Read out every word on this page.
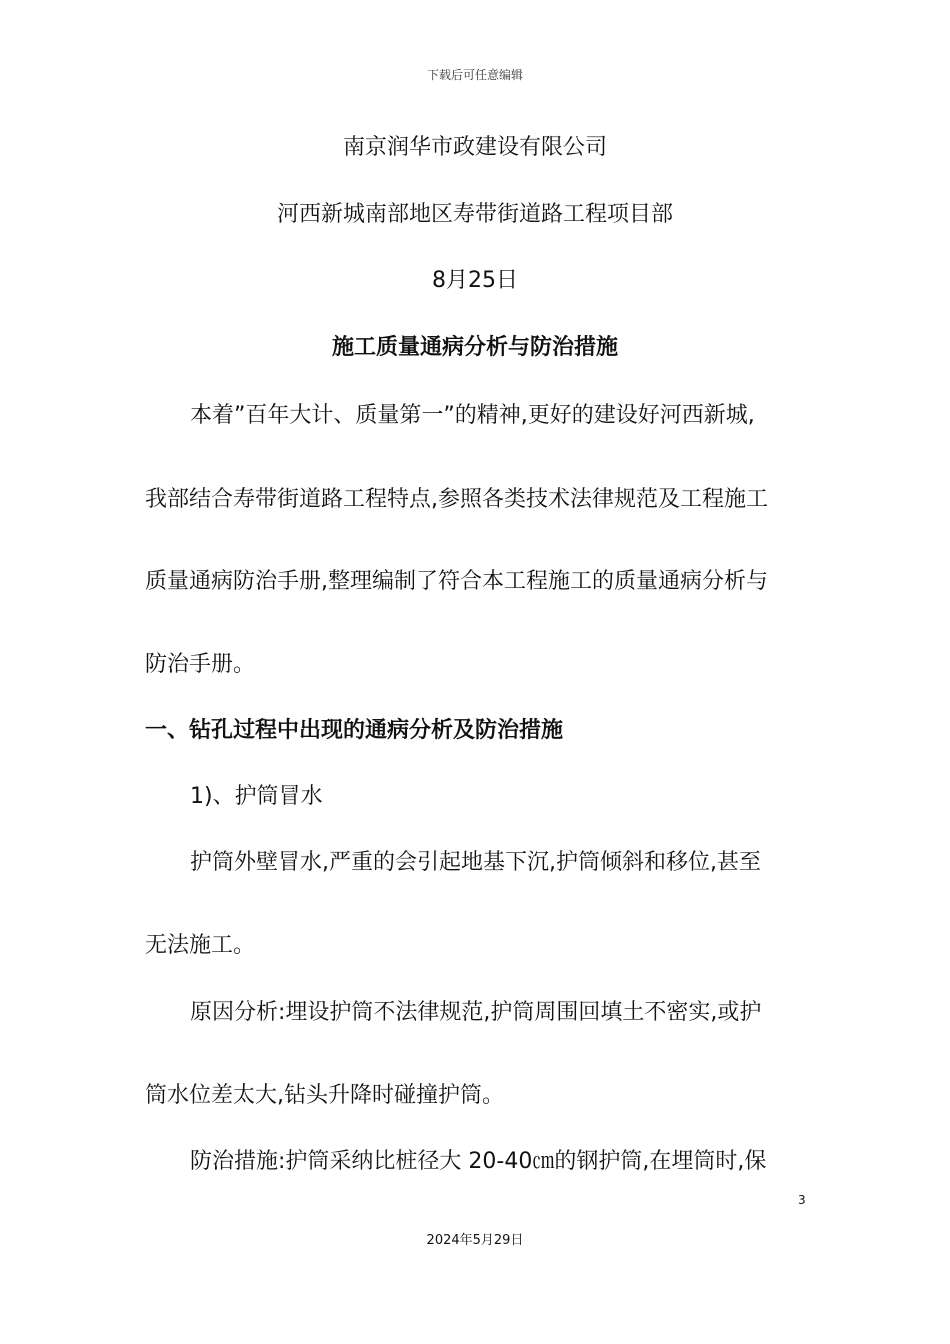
下载后可任意编辑
南京润华市政建设有限公司
河西新城南部地区寿带街道路工程项目部
8月25日
施工质量通病分析与防治措施
本着”百年大计、质量第一”的精神,更好的建设好河西新城,
我部结合寿带街道路工程特点,参照各类技术法律规范及工程施工
质量通病防治手册,整理编制了符合本工程施工的质量通病分析与
防治手册。
一、钻孔过程中出现的通病分析及防治措施
1)、护筒冒水
护筒外壁冒水,严重的会引起地基下沉,护筒倾斜和移位,甚至
无法施工。
原因分析:埋设护筒不法律规范,护筒周围回填土不密实,或护
筒水位差太大,钻头升降时碰撞护筒。
防治措施:护筒采纳比桩径大 20-40㎝的钢护筒,在埋筒时,保
3
2024年5月29日
